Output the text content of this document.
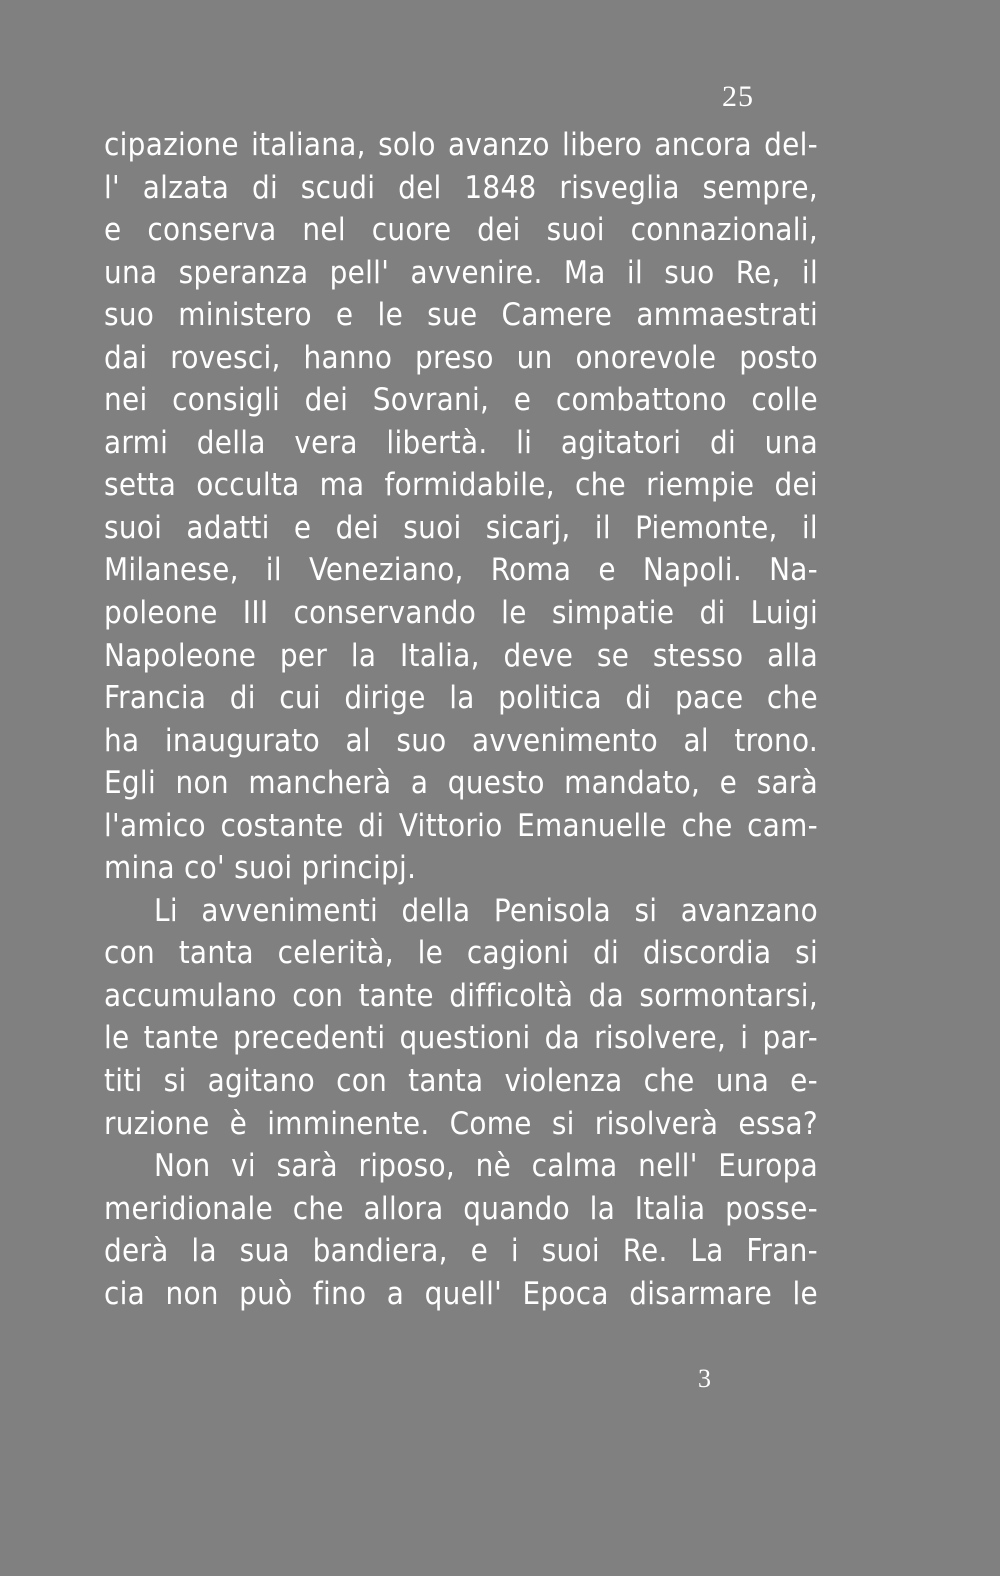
25
cipazione italiana, solo avanzo libero ancora del-
l' alzata di scudi del 1848 risveglia sempre,
e conserva nel cuore dei suoi connazionali,
una speranza pell' avvenire. Ma il suo Re, il
suo ministero e le sue Camere ammaestrati
dai rovesci, hanno preso un onorevole posto
nei consigli dei Sovrani, e combattono colle
armi della vera libertà. li agitatori di una
setta occulta ma formidabile, che riempie dei
suoi adatti e dei suoi sicarj, il Piemonte, il
Milanese, il Veneziano, Roma e Napoli. Na-
poleone III conservando le simpatie di Luigi
Napoleone per la Italia, deve se stesso alla
Francia di cui dirige la politica di pace che
ha inaugurato al suo avvenimento al trono.
Egli non mancherà a questo mandato, e sarà
l'amico costante di Vittorio Emanuelle che cam-
mina co' suoi principj.
Li avvenimenti della Penisola si avanzano
con tanta celerità, le cagioni di discordia si
accumulano con tante difficoltà da sormontarsi,
le tante precedenti questioni da risolvere, i par-
titi si agitano con tanta violenza che una e-
ruzione è imminente. Come si risolverà essa?
Non vi sarà riposo, nè calma nell' Europa
meridionale che allora quando la Italia posse-
derà la sua bandiera, e i suoi Re. La Fran-
cia non può fino a quell' Epoca disarmare le
3
